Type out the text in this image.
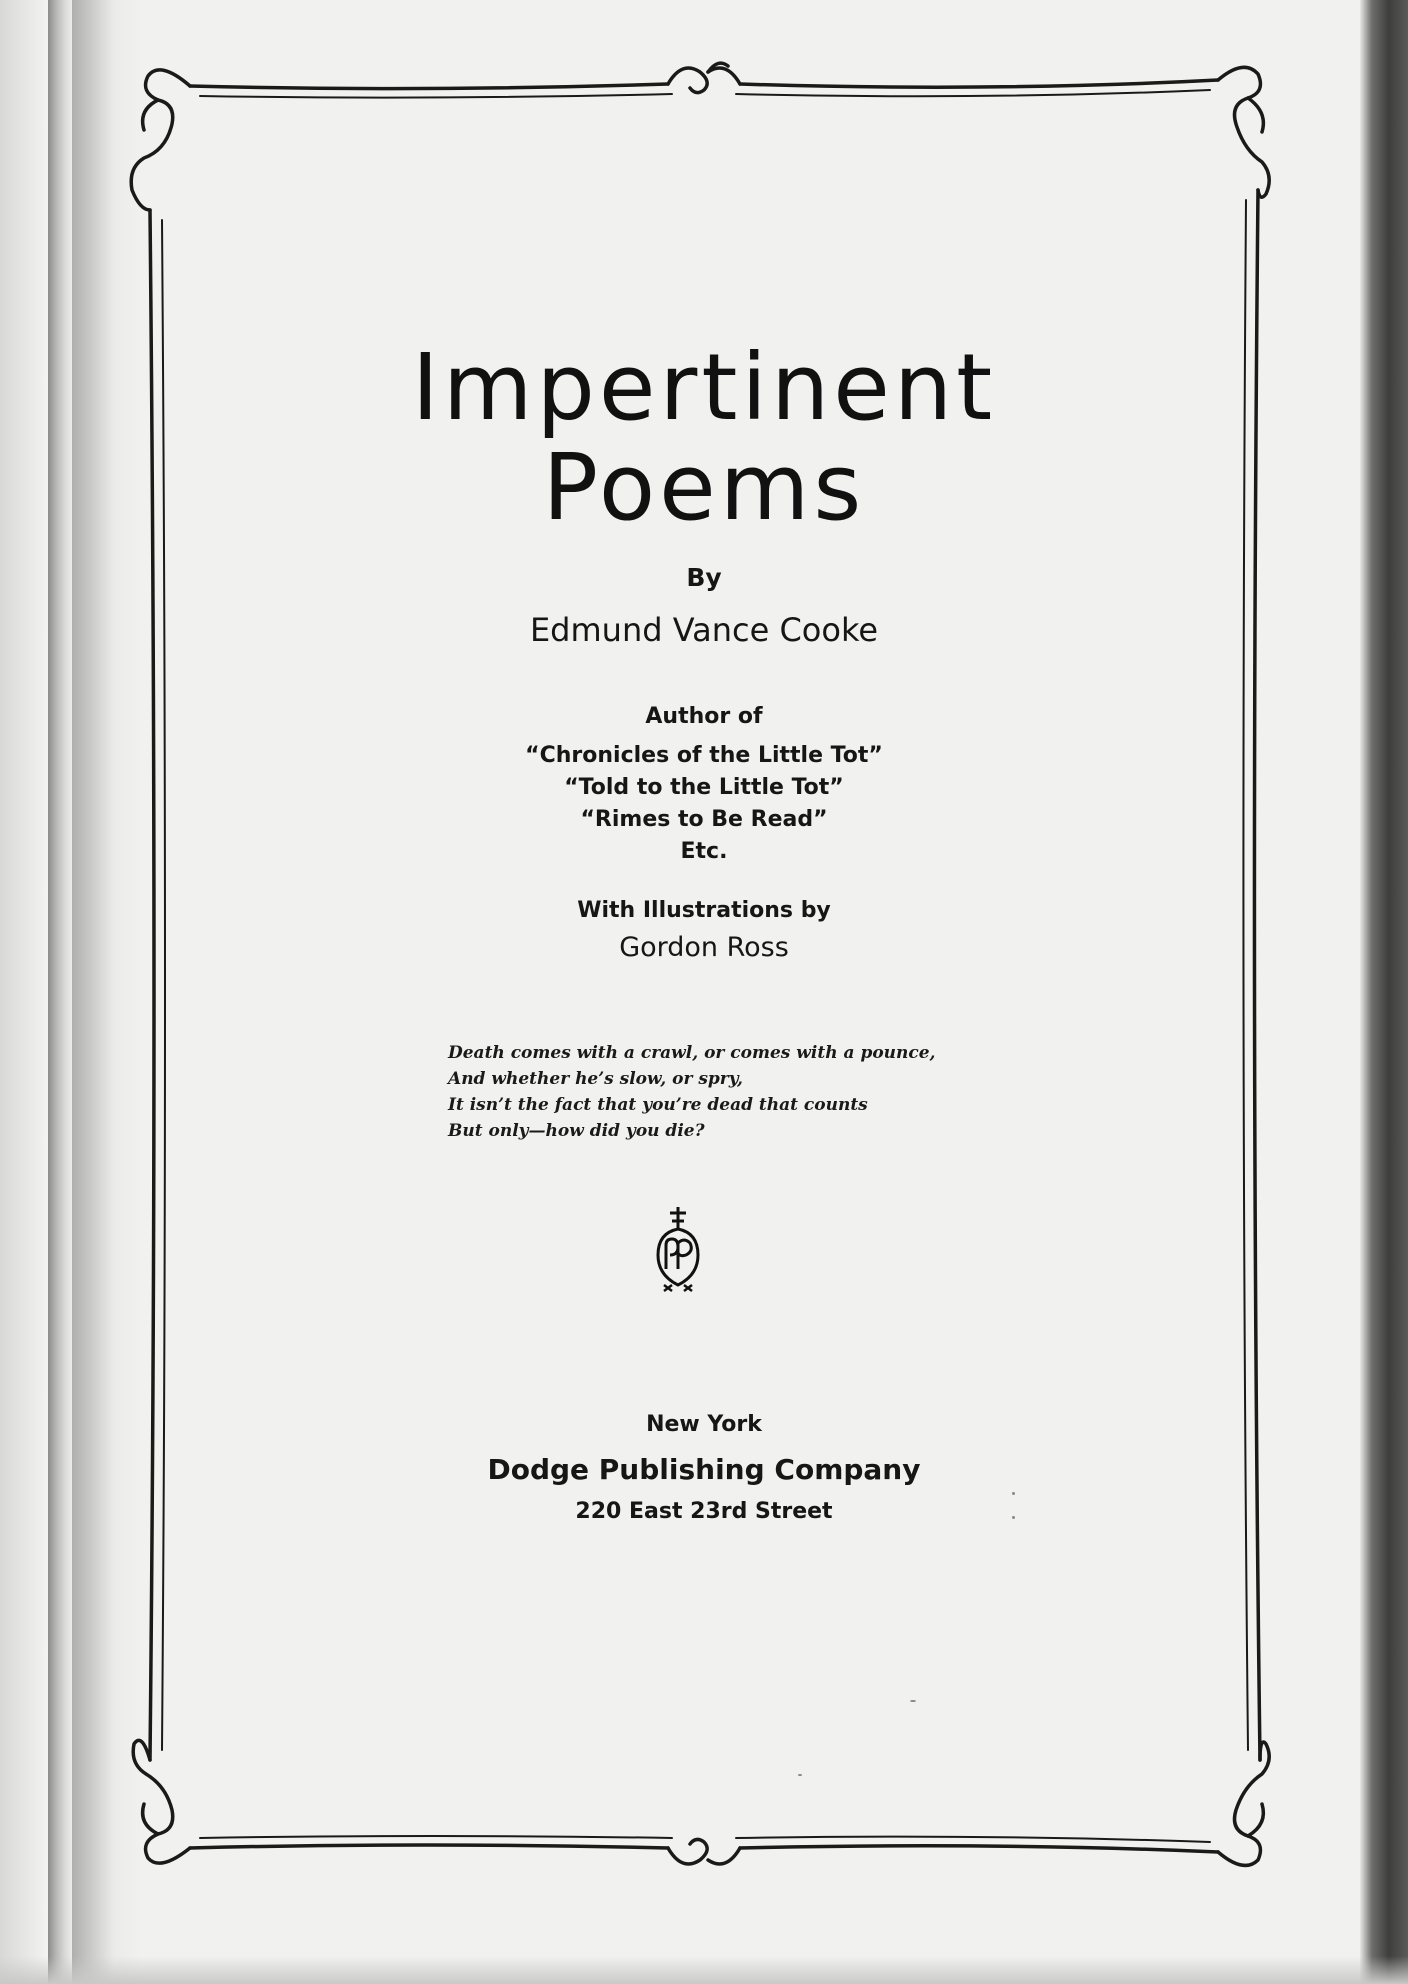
Impertinent
Poems
By
Edmund Vance Cooke
Author of
“Chronicles of the Little Tot”
“Told to the Little Tot”
“Rimes to Be Read”
Etc.
With Illustrations by
Gordon Ross
Death comes with a crawl, or comes with a pounce,
And whether he’s slow, or spry,
It isn’t the fact that you’re dead that counts
But only—how did you die?
New York
Dodge Publishing Company
220 East 23rd Street
